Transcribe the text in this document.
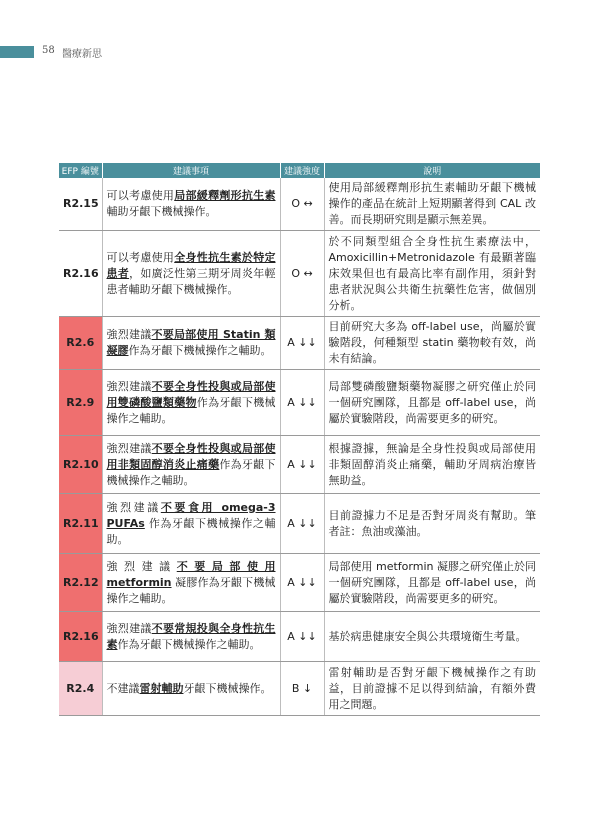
58 醫療新思
EFP 編號	建議事項	建議強度	說明
R2.15	可以考慮使用局部緩釋劑形抗生素輔助牙齦下機械操作。	O ↔	使用局部緩釋劑形抗生素輔助牙齦下機械操作的產品在統計上短期顯著得到 CAL 改善。而長期研究則是顯示無差異。
R2.16	可以考慮使用全身性抗生素於特定患者，如廣泛性第三期牙周炎年輕患者輔助牙齦下機械操作。	O ↔	於不同類型組合全身性抗生素療法中，Amoxicillin+Metronidazole 有最顯著臨床效果但也有最高比率有副作用，須針對患者狀況與公共衛生抗藥性危害，做個別分析。
R2.6	強烈建議不要局部使用 Statin 類凝膠作為牙齦下機械操作之輔助。	A ↓↓	目前研究大多為 off-label use，尚屬於實驗階段，何種類型 statin 藥物較有效，尚未有結論。
R2.9	強烈建議不要全身性投與或局部使用雙磷酸鹽類藥物作為牙齦下機械操作之輔助。	A ↓↓	局部雙磷酸鹽類藥物凝膠之研究僅止於同一個研究團隊，且都是 off-label use，尚屬於實驗階段，尚需要更多的研究。
R2.10	強烈建議不要全身性投與或局部使用非類固醇消炎止痛藥作為牙齦下機械操作之輔助。	A ↓↓	根據證據，無論是全身性投與或局部使用非類固醇消炎止痛藥，輔助牙周病治療皆無助益。
R2.11	強烈建議不要食用 omega-3 PUFAs 作為牙齦下機械操作之輔助。	A ↓↓	目前證據力不足是否對牙周炎有幫助。筆者註：魚油或藻油。
R2.12	強烈建議不要局部使用 metformin 凝膠作為牙齦下機械操作之輔助。	A ↓↓	局部使用 metformin 凝膠之研究僅止於同一個研究團隊，且都是 off-label use，尚屬於實驗階段，尚需要更多的研究。
R2.16	強烈建議不要常規投與全身性抗生素作為牙齦下機械操作之輔助。	A ↓↓	基於病患健康安全與公共環境衛生考量。
R2.4	不建議雷射輔助牙齦下機械操作。	B ↓	雷射輔助是否對牙齦下機械操作之有助益，目前證據不足以得到結論，有額外費用之問題。
